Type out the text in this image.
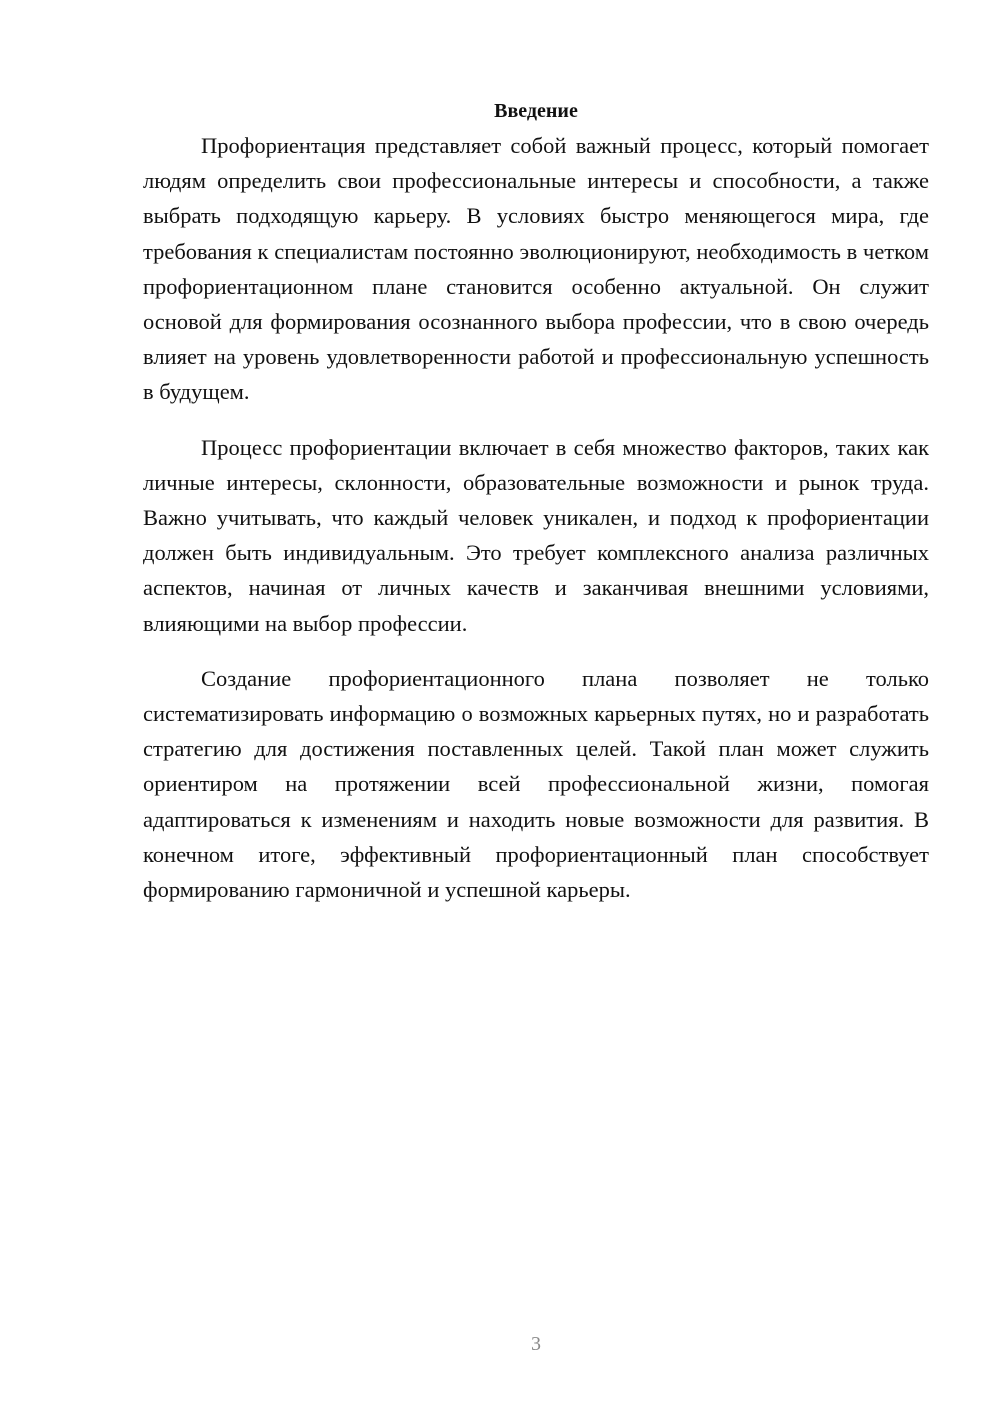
Введение

Профориентация представляет собой важный процесс, который помогает людям определить свои профессиональные интересы и способности, а также выбрать подходящую карьеру. В условиях быстро меняющегося мира, где требования к специалистам постоянно эволюционируют, необходимость в четком профориентационном плане становится особенно актуальной. Он служит основой для формирования осознанного выбора профессии, что в свою очередь влияет на уровень удовлетворенности работой и профессиональную успешность в будущем.

Процесс профориентации включает в себя множество факторов, таких как личные интересы, склонности, образовательные возможности и рынок труда. Важно учитывать, что каждый человек уникален, и подход к профориентации должен быть индивидуальным. Это требует комплексного анализа различных аспектов, начиная от личных качеств и заканчивая внешними условиями, влияющими на выбор профессии.

Создание профориентационного плана позволяет не только систематизировать информацию о возможных карьерных путях, но и разработать стратегию для достижения поставленных целей. Такой план может служить ориентиром на протяжении всей профессиональной жизни, помогая адаптироваться к изменениям и находить новые возможности для развития. В конечном итоге, эффективный профориентационный план способствует формированию гармоничной и успешной карьеры.

3
